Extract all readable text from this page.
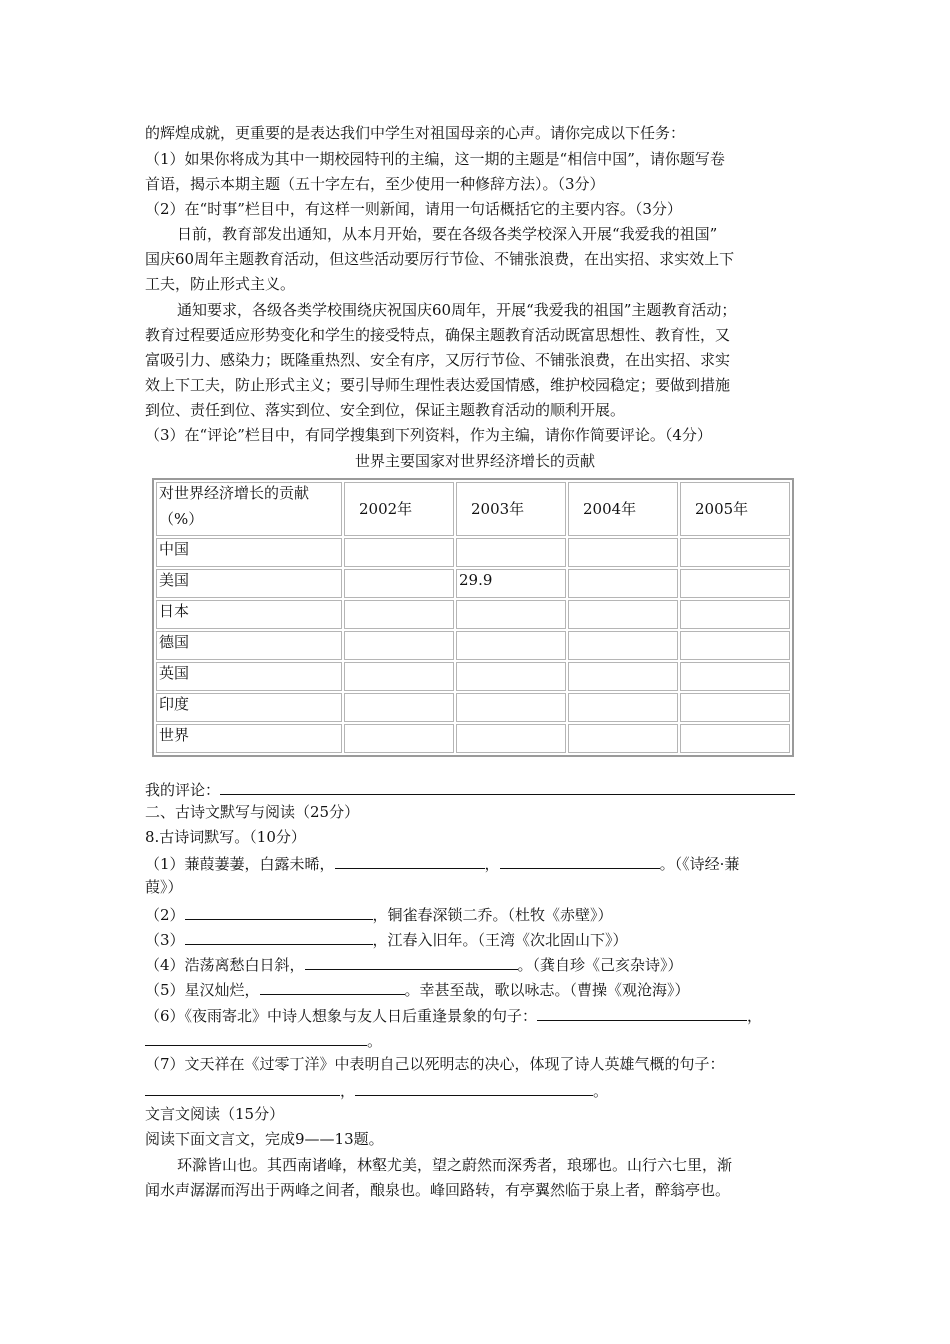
的辉煌成就，更重要的是表达我们中学生对祖国母亲的心声。请你完成以下任务：
（1）如果你将成为其中一期校园特刊的主编，这一期的主题是“相信中国”，请你题写卷
首语，揭示本期主题（五十字左右，至少使用一种修辞方法）。（3分）
（2）在“时事”栏目中，有这样一则新闻，请用一句话概括它的主要内容。（3分）
日前，教育部发出通知，从本月开始，要在各级各类学校深入开展“我爱我的祖国”
国庆60周年主题教育活动，但这些活动要厉行节俭、不铺张浪费，在出实招、求实效上下
工夫，防止形式主义。
通知要求，各级各类学校围绕庆祝国庆60周年，开展“我爱我的祖国”主题教育活动；
教育过程要适应形势变化和学生的接受特点，确保主题教育活动既富思想性、教育性，又
富吸引力、感染力；既隆重热烈、安全有序，又厉行节俭、不铺张浪费，在出实招、求实
效上下工夫，防止形式主义；要引导师生理性表达爱国情感，维护校园稳定；要做到措施
到位、责任到位、落实到位、安全到位，保证主题教育活动的顺利开展。
（3）在“评论”栏目中，有同学搜集到下列资料，作为主编，请你作简要评论。（4分）
世界主要国家对世界经济增长的贡献
对世界经济增长的贡献
（%）	2002年	2003年	2004年	2005年
中国				
美国		29.9		
日本				
德国				
英国				
印度				
世界				
我的评论：
二、古诗文默写与阅读（25分）
8.古诗词默写。（10分）
（1）蒹葭萋萋，白露未晞，	，	。（《诗经·蒹
葭》）
（2）	，铜雀春深锁二乔。（杜牧《赤壁》）
（3）	，江春入旧年。（王湾《次北固山下》）
（4）浩荡离愁白日斜，	。（龚自珍《己亥杂诗》）
（5）星汉灿烂，	。幸甚至哉，歌以咏志。（曹操《观沧海》）
（6）《夜雨寄北》中诗人想象与友人日后重逢景象的句子：	，
。
（7）文天祥在《过零丁洋》中表明自己以死明志的决心，体现了诗人英雄气概的句子：
，	。
文言文阅读（15分）
阅读下面文言文，完成9——13题。
环滁皆山也。其西南诸峰，林壑尤美，望之蔚然而深秀者，琅琊也。山行六七里，渐
闻水声潺潺而泻出于两峰之间者，酿泉也。峰回路转，有亭翼然临于泉上者，醉翁亭也。
